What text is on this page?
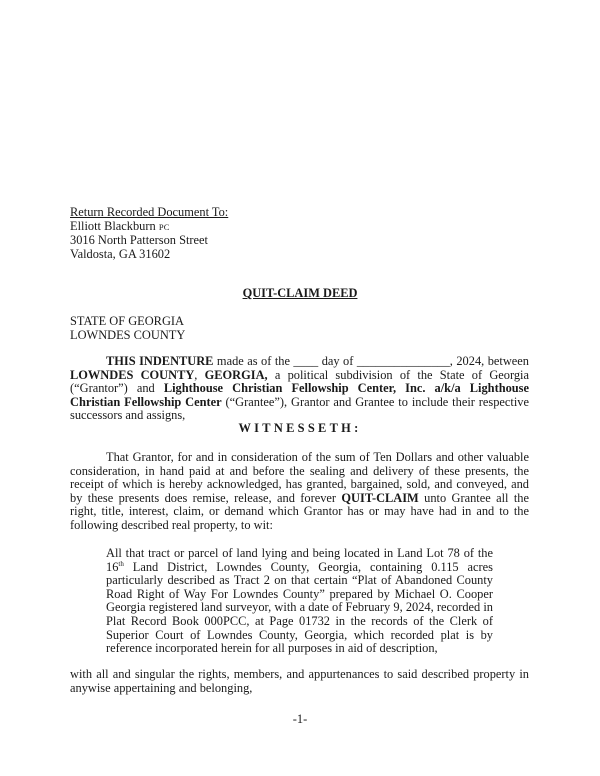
Return Recorded Document To:
Elliott Blackburn PC
3016 North Patterson Street
Valdosta, GA 31602
QUIT-CLAIM DEED
STATE OF GEORGIA
LOWNDES COUNTY
THIS INDENTURE made as of the ____ day of _______________, 2024, between LOWNDES COUNTY, GEORGIA, a political subdivision of the State of Georgia (“Grantor”) and Lighthouse Christian Fellowship Center, Inc. a/k/a Lighthouse Christian Fellowship Center (“Grantee”), Grantor and Grantee to include their respective successors and assigns,
WITNESSETH:
That Grantor, for and in consideration of the sum of Ten Dollars and other valuable consideration, in hand paid at and before the sealing and delivery of these presents, the receipt of which is hereby acknowledged, has granted, bargained, sold, and conveyed, and by these presents does remise, release, and forever QUIT-CLAIM unto Grantee all the right, title, interest, claim, or demand which Grantor has or may have had in and to the following described real property, to wit:
All that tract or parcel of land lying and being located in Land Lot 78 of the 16th Land District, Lowndes County, Georgia, containing 0.115 acres particularly described as Tract 2 on that certain “Plat of Abandoned County Road Right of Way For Lowndes County” prepared by Michael O. Cooper Georgia registered land surveyor, with a date of February 9, 2024, recorded in Plat Record Book 000PCC, at Page 01732 in the records of the Clerk of Superior Court of Lowndes County, Georgia, which recorded plat is by reference incorporated herein for all purposes in aid of description,
with all and singular the rights, members, and appurtenances to said described property in anywise appertaining and belonging,
-1-
